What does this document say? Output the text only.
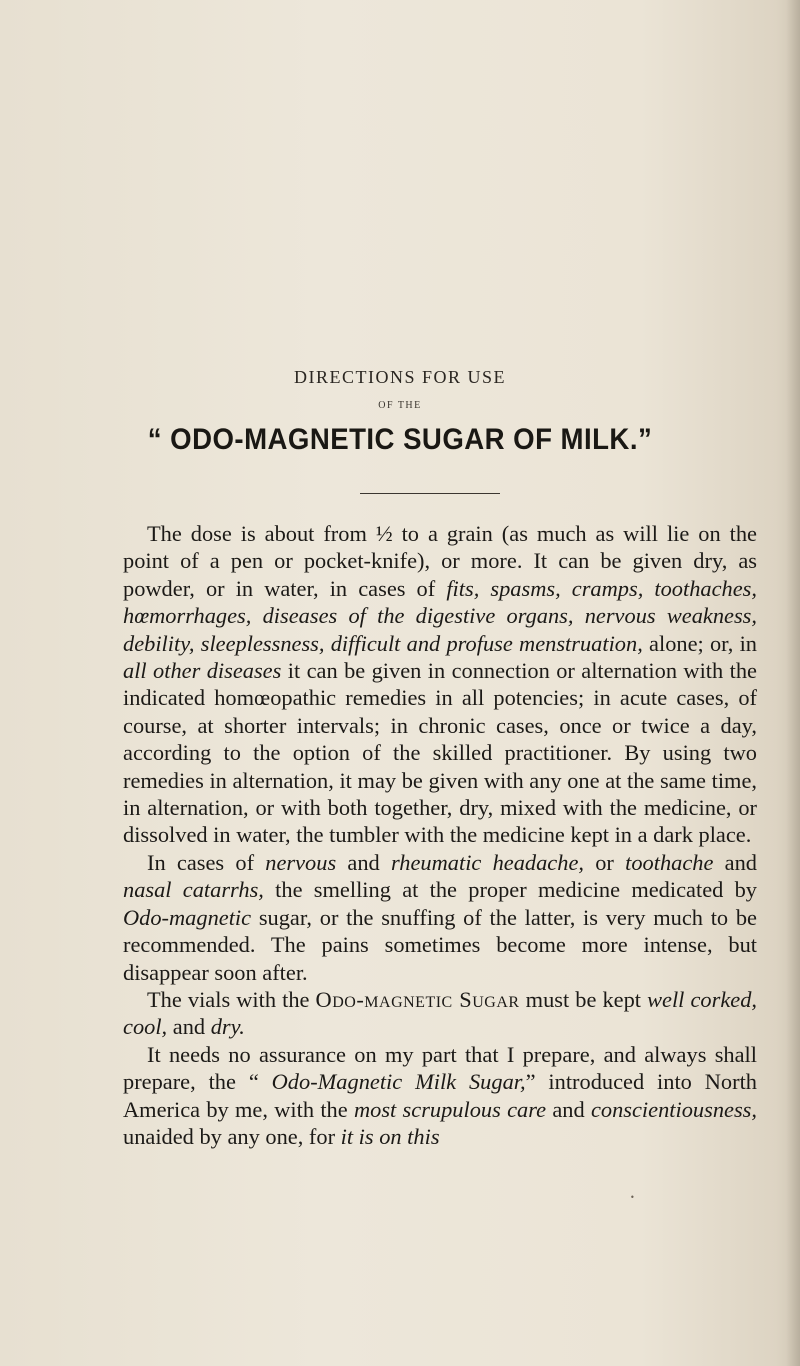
DIRECTIONS FOR USE
OF THE
“ ODO-MAGNETIC SUGAR OF MILK.”

The dose is about from ½ to a grain (as much as will lie on the point of a pen or pocket-knife), or more. It can be given dry, as powder, or in water, in cases of fits, spasms, cramps, toothaches, hœmorrhages, diseases of the digestive organs, nervous weakness, debility, sleeplessness, difficult and profuse menstruation, alone; or, in all other diseases it can be given in connection or alternation with the indicated homœopathic remedies in all potencies; in acute cases, of course, at shorter intervals; in chronic cases, once or twice a day, according to the option of the skilled practitioner. By using two remedies in alternation, it may be given with any one at the same time, in alternation, or with both together, dry, mixed with the medicine, or dissolved in water, the tumbler with the medicine kept in a dark place.

In cases of nervous and rheumatic headache, or toothache and nasal catarrhs, the smelling at the proper medicine medicated by Odo-magnetic sugar, or the snuffing of the latter, is very much to be recommended. The pains sometimes become more intense, but disappear soon after.

The vials with the Odo-magnetic Sugar must be kept well corked, cool, and dry.

It needs no assurance on my part that I prepare, and always shall prepare, the “ Odo-Magnetic Milk Sugar,” introduced into North America by me, with the most scrupulous care and conscientiousness, unaided by any one, for it is on this

•
